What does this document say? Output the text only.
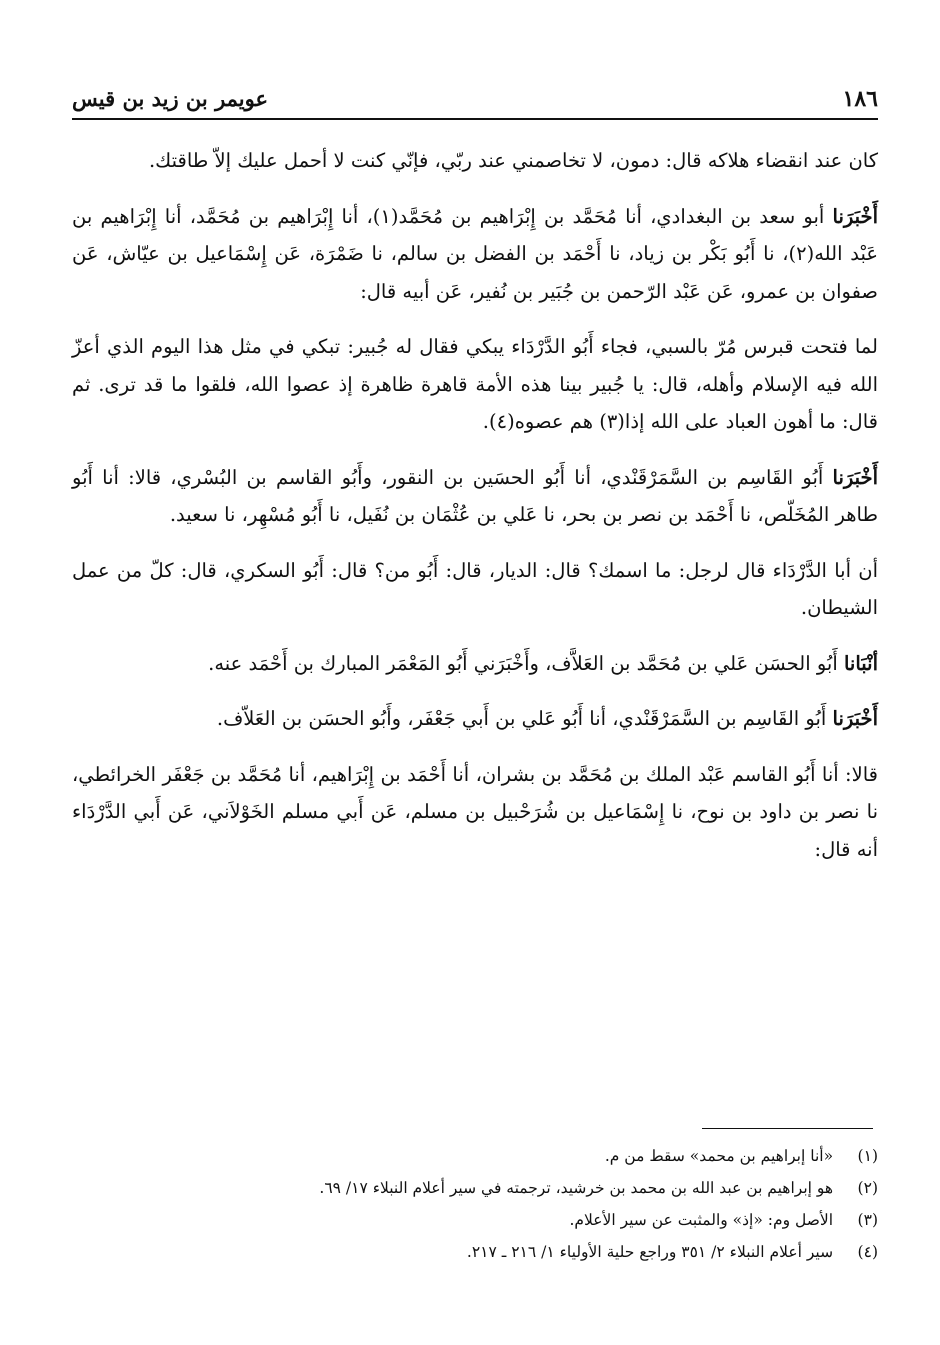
١٨٦
عويمر بن زيد بن قيس

كان عند انقضاء هلاكه قال: دمون، لا تخاصمني عند ربّي، فإنّي كنت لا أحمل عليك إلاّ طاقتك.

أَخْبَرَنا أبو سعد بن البغدادي، أنا مُحَمَّد بن إِبْرَاهيم بن مُحَمَّد(١)، أنا إِبْرَاهيم بن مُحَمَّد، أنا إِبْرَاهيم بن عَبْد الله(٢)، نا أَبُو بَكْر بن زياد، نا أَحْمَد بن الفضل بن سالم، نا ضَمْرَة، عَن إِسْمَاعيل بن عيّاش، عَن صفوان بن عمرو، عَن عَبْد الرّحمن بن جُبَير بن نُفير، عَن أبيه قال:

لما فتحت قبرس مُرّ بالسبي، فجاء أَبُو الدَّرْدَاء يبكي فقال له جُبير: تبكي في مثل هذا اليوم الذي أعزّ الله فيه الإسلام وأهله، قال: يا جُبير بينا هذه الأمة قاهرة ظاهرة إذ عصوا الله، فلقوا ما قد ترى. ثم قال: ما أهون العباد على الله إذا(٣) هم عصوه(٤).

أَخْبَرَنا أَبُو القَاسِم بن السَّمَرْقَنْدي، أنا أَبُو الحسَين بن النقور، وأَبُو القاسم بن البُسْري، قالا: أنا أَبُو طاهر المُخَلّص، نا أَحْمَد بن نصر بن بحر، نا عَلي بن عُثْمَان بن نُفَيل، نا أَبُو مُسْهِر، نا سعيد.

أن أبا الدَّرْدَاء قال لرجل: ما اسمك؟ قال: الديار، قال: أَبُو من؟ قال: أَبُو السكري، قال: كلّ من عمل الشيطان.

أنْبَانا أَبُو الحسَن عَلي بن مُحَمَّد بن العَلاَّف، وأَخْبَرَني أَبُو المَعْمَر المبارك بن أَحْمَد عنه.

أَخْبَرَنا أَبُو القَاسِم بن السَّمَرْقَنْدي، أنا أَبُو عَلي بن أَبي جَعْفَر، وأَبُو الحسَن بن العَلاّف.

قالا: أنا أَبُو القاسم عَبْد الملك بن مُحَمَّد بن بشران، أنا أَحْمَد بن إِبْرَاهيم، أنا مُحَمَّد بن جَعْفَر الخرائطي، نا نصر بن داود بن نوح، نا إِسْمَاعيل بن شُرَحْبيل بن مسلم، عَن أَبي مسلم الخَوْلاَني، عَن أَبي الدَّرْدَاء أنه قال:

(١) «أنا إبراهيم بن محمد» سقط من م.
(٢) هو إبراهيم بن عبد الله بن محمد بن خرشيد، ترجمته في سير أعلام النبلاء ١٧/ ٦٩.
(٣) الأصل وم: «إذ» والمثبت عن سير الأعلام.
(٤) سير أعلام النبلاء ٢/ ٣٥١ وراجع حلية الأولياء ١/ ٢١٦ ـ ٢١٧.
